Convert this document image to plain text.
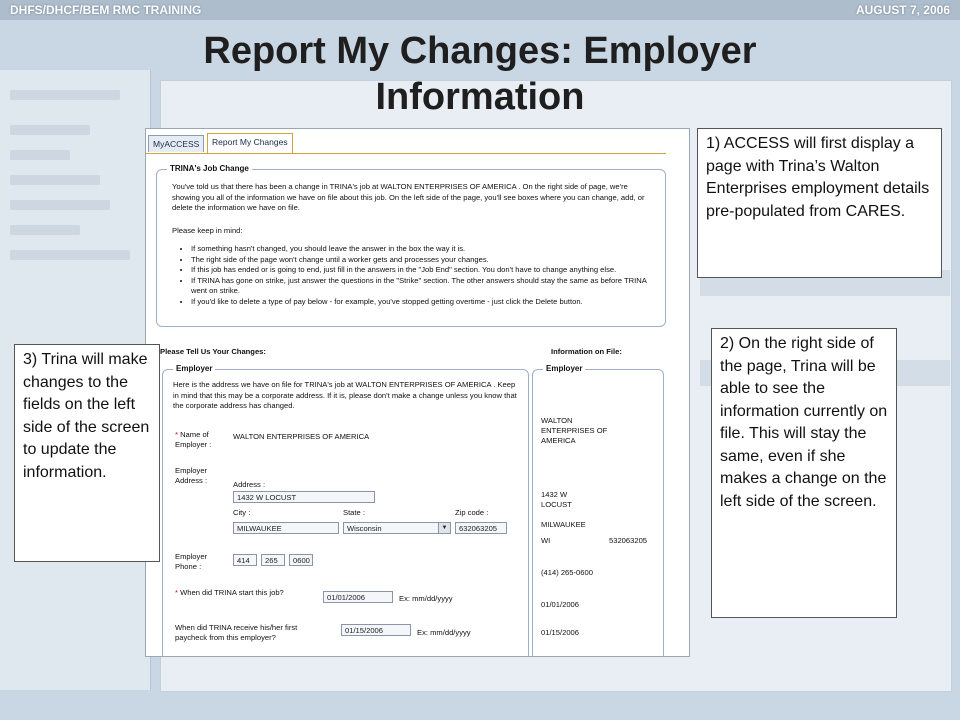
DHFS/DHCF/BEM RMC TRAINING	AUGUST 7, 2006
Report My Changes: Employer
Information
MyACCESS	Report My Changes
TRINA's Job Change
You've told us that there has been a change in TRINA's job at WALTON ENTERPRISES OF AMERICA . On the right side of page, we're showing you all of the information we have on file about this job. On the left side of the page, you'll see boxes where you can change, add, or delete the information we have on file.
Please keep in mind:
• If something hasn't changed, you should leave the answer in the box the way it is.
• The right side of the page won't change until a worker gets and processes your changes.
• If this job has ended or is going to end, just fill in the answers in the "Job End" section. You don't have to change anything else.
• If TRINA has gone on strike, just answer the questions in the "Strike" section. The other answers should stay the same as before TRINA went on strike.
• If you'd like to delete a type of pay below - for example, you've stopped getting overtime - just click the Delete button.
Please Tell Us Your Changes:	Information on File:
Employer
Here is the address we have on file for TRINA's job at WALTON ENTERPRISES OF AMERICA . Keep in mind that this may be a corporate address. If it is, please don't make a change unless you know that the corporate address has changed.
* Name of Employer :
WALTON ENTERPRISES OF AMERICA
Employer Address :	Address :
1432 W LOCUST
City :	State :	Zip code :
MILWAUKEE	Wisconsin	▼	632063205
Employer Phone :
414	265	0600
* When did TRINA start this job?
01/01/2006	Ex: mm/dd/yyyy
When did TRINA receive his/her first paycheck from this employer?
01/15/2006	Ex: mm/dd/yyyy
Employer
WALTON ENTERPRISES OF AMERICA
1432 W LOCUST
MILWAUKEE
WI	532063205
(414) 265-0600
01/01/2006
01/15/2006
1) ACCESS will first display a page with Trina’s Walton Enterprises employment details pre-populated from CARES.
2) On the right side of the page, Trina will be able to see the information currently on file. This will stay the same, even if she makes a change on the left side of the screen.
3) Trina will make changes to the fields on the left side of the screen to update the information.
